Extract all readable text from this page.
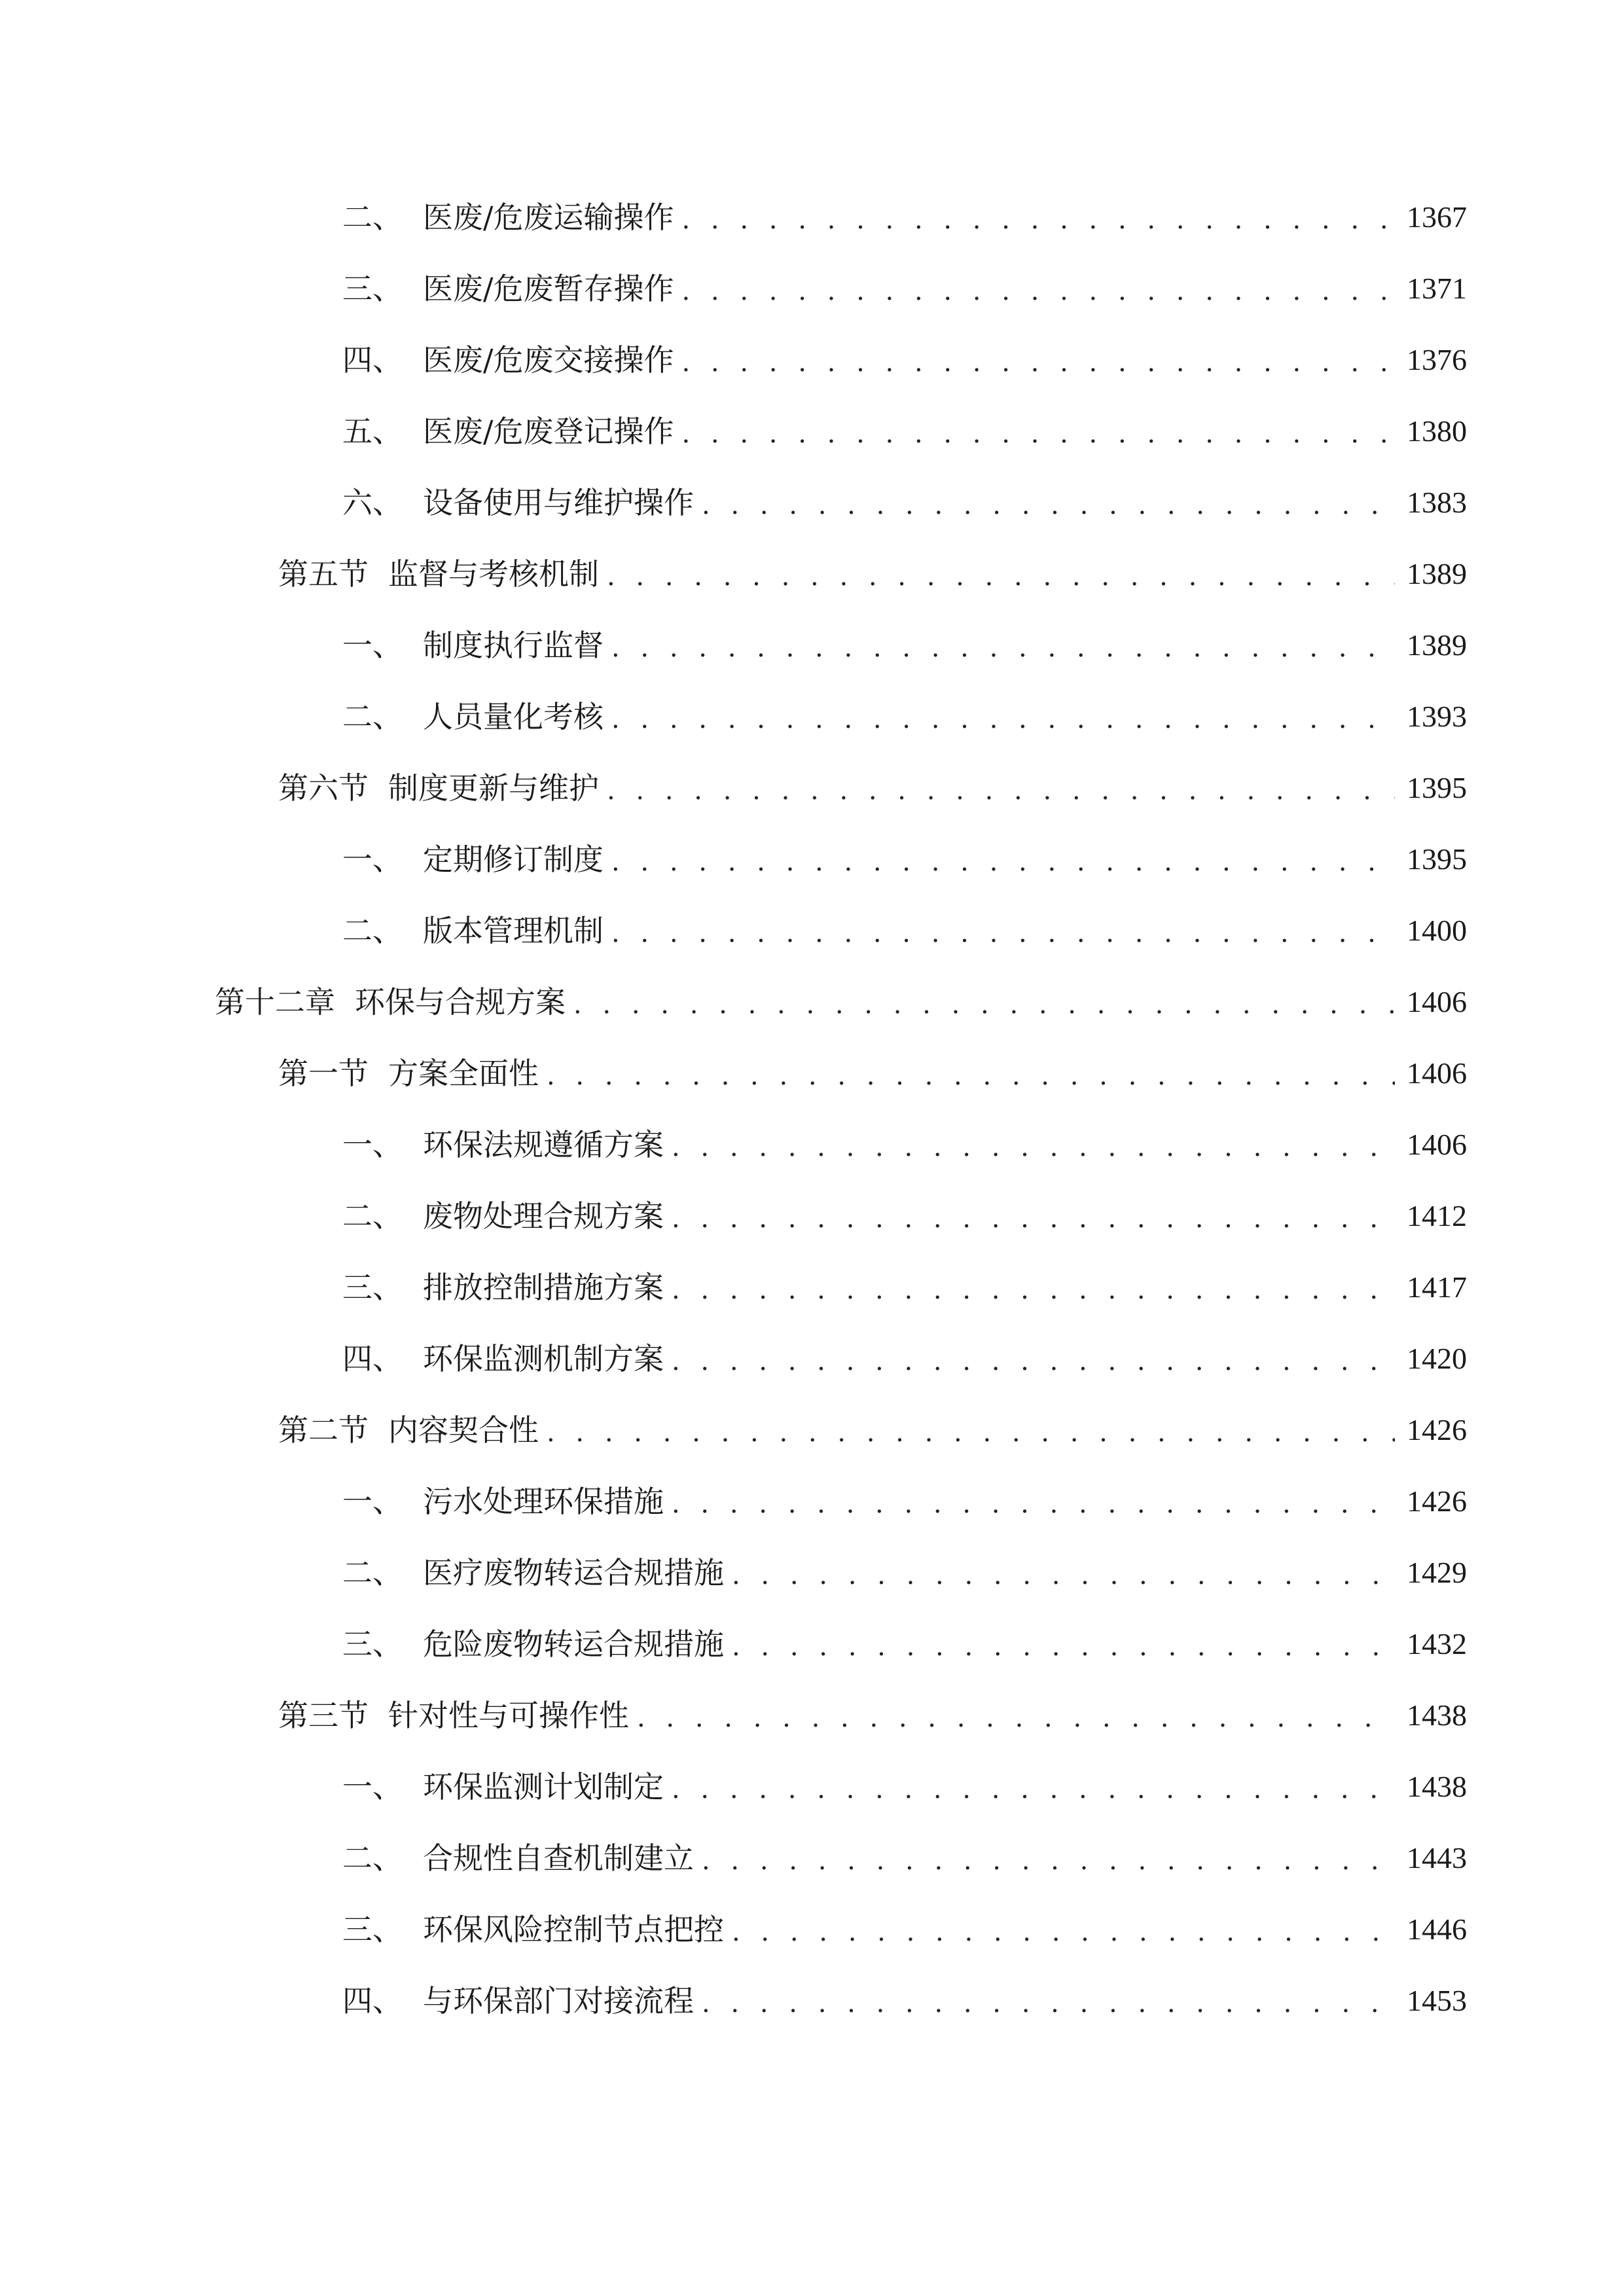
二、 医废/危废运输操作 . . .	1367
三、 医废/危废暂存操作 . . .	1371
四、 医废/危废交接操作 . . .	1376
五、 医废/危废登记操作 . . .	1380
六、 设备使用与维护操作 . . .	1383
第五节 监督与考核机制 . . .	1389
一、 制度执行监督 . . .	1389
二、 人员量化考核 . . .	1393
第六节 制度更新与维护 . . .	1395
一、 定期修订制度 . . .	1395
二、 版本管理机制 . . .	1400
第十二章 环保与合规方案 . . .	1406
第一节 方案全面性 . . .	1406
一、 环保法规遵循方案 . . .	1406
二、 废物处理合规方案 . . .	1412
三、 排放控制措施方案 . . .	1417
四、 环保监测机制方案 . . .	1420
第二节 内容契合性 . . .	1426
一、 污水处理环保措施 . . .	1426
二、 医疗废物转运合规措施 . . .	1429
三、 危险废物转运合规措施 . . .	1432
第三节 针对性与可操作性 . . .	1438
一、 环保监测计划制定 . . .	1438
二、 合规性自查机制建立 . . .	1443
三、 环保风险控制节点把控 . . .	1446
四、 与环保部门对接流程 . . .	1453
